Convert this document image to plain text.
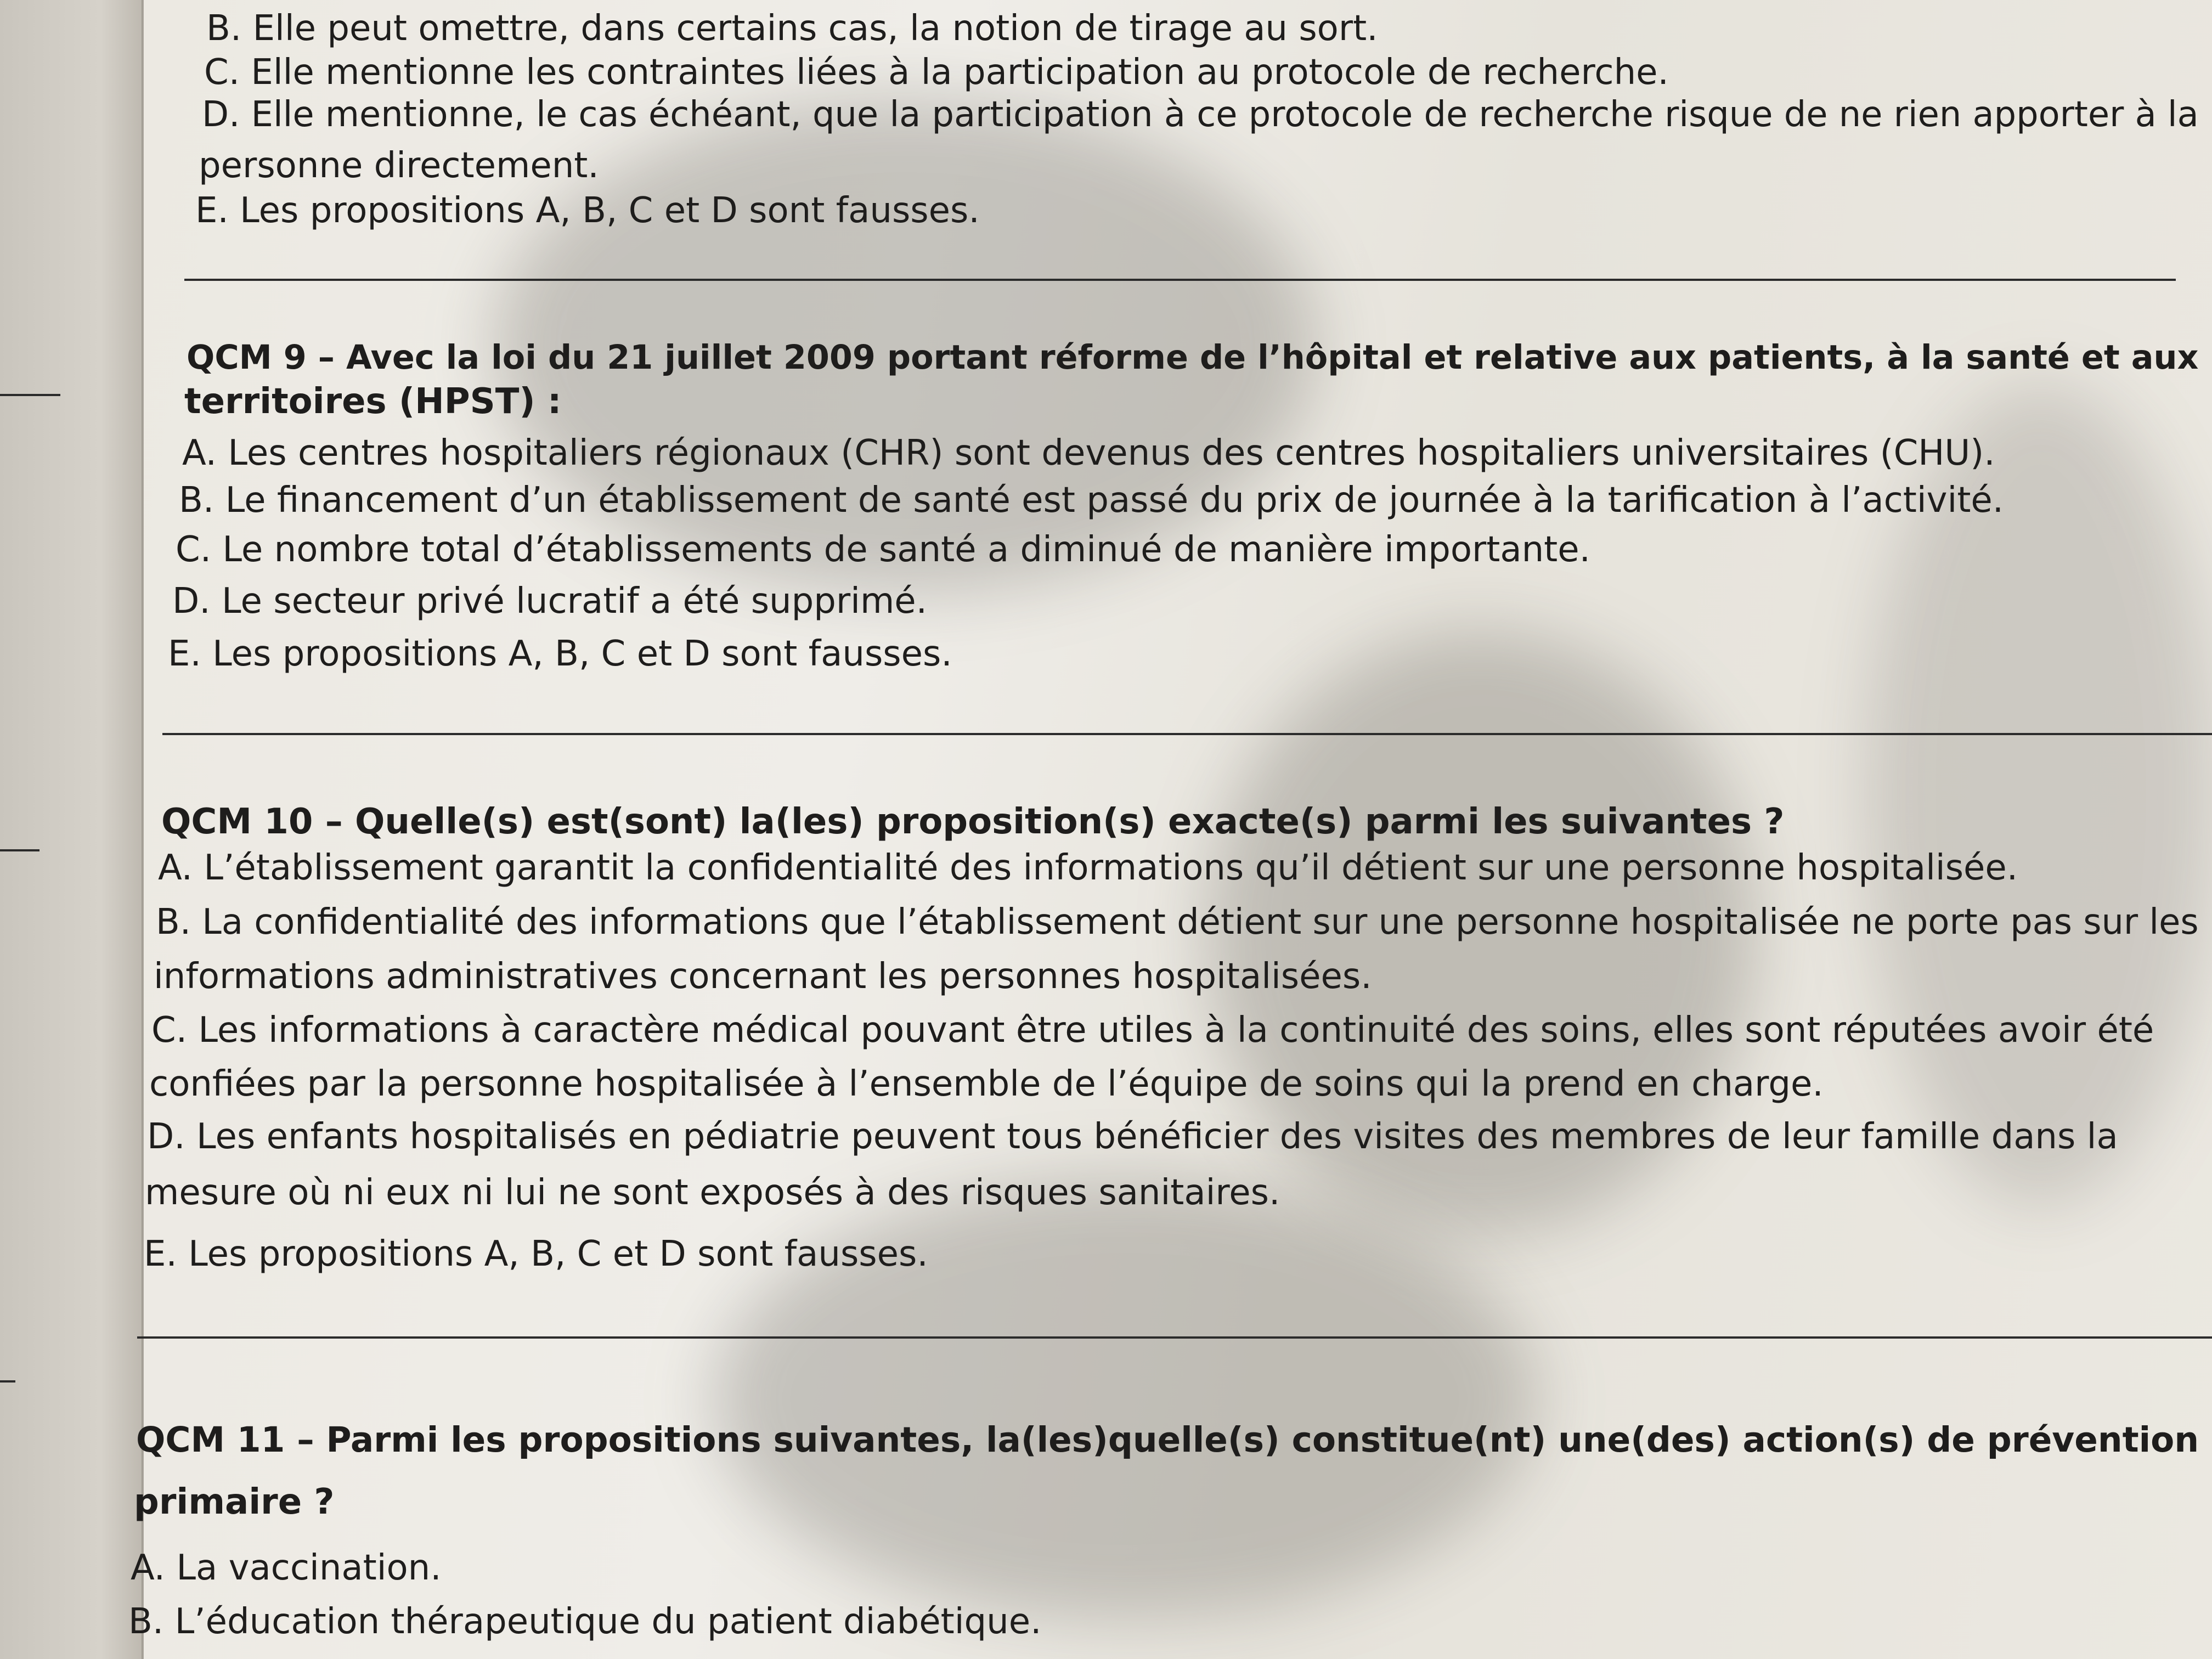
B. Elle peut omettre, dans certains cas, la notion de tirage au sort.
C. Elle mentionne les contraintes liées à la participation au protocole de recherche.
D. Elle mentionne, le cas échéant, que la participation à ce protocole de recherche risque de ne rien apporter à la
personne directement.
E. Les propositions A, B, C et D sont fausses.
QCM 9 – Avec la loi du 21 juillet 2009 portant réforme de l’hôpital et relative aux patients, à la santé et aux
territoires (HPST) :
A. Les centres hospitaliers régionaux (CHR) sont devenus des centres hospitaliers universitaires (CHU).
B. Le financement d’un établissement de santé est passé du prix de journée à la tarification à l’activité.
C. Le nombre total d’établissements de santé a diminué de manière importante.
D. Le secteur privé lucratif a été supprimé.
E. Les propositions A, B, C et D sont fausses.
QCM 10 – Quelle(s) est(sont) la(les) proposition(s) exacte(s) parmi les suivantes ?
A. L’établissement garantit la confidentialité des informations qu’il détient sur une personne hospitalisée.
B. La confidentialité des informations que l’établissement détient sur une personne hospitalisée ne porte pas sur les
informations administratives concernant les personnes hospitalisées.
C. Les informations à caractère médical pouvant être utiles à la continuité des soins, elles sont réputées avoir été
confiées par la personne hospitalisée à l’ensemble de l’équipe de soins qui la prend en charge.
D. Les enfants hospitalisés en pédiatrie peuvent tous bénéficier des visites des membres de leur famille dans la
mesure où ni eux ni lui ne sont exposés à des risques sanitaires.
E. Les propositions A, B, C et D sont fausses.
QCM 11 – Parmi les propositions suivantes, la(les)quelle(s) constitue(nt) une(des) action(s) de prévention
primaire ?
A. La vaccination.
B. L’éducation thérapeutique du patient diabétique.
